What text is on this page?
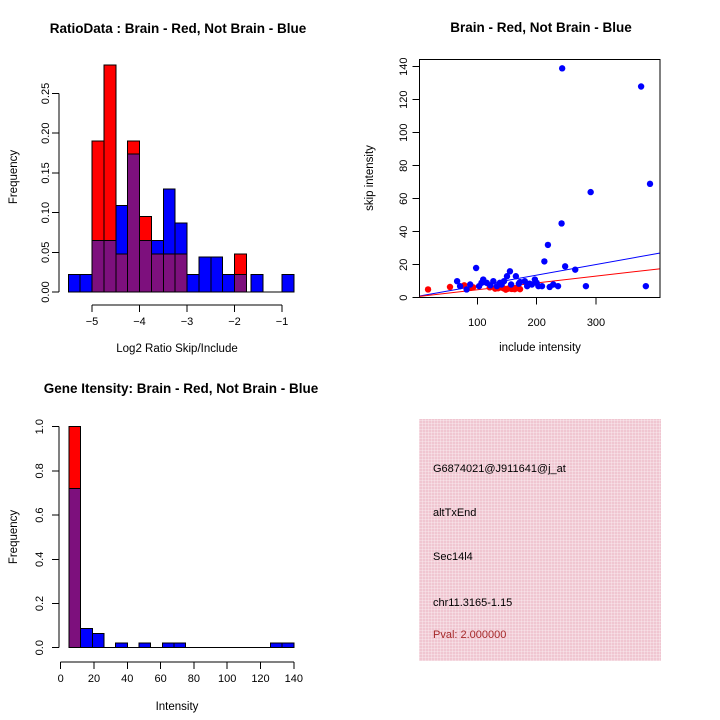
RatioData : Brain - Red, Not Brain - Blue
Log2 Ratio Skip/Include
Frequency
−5	−4	−3	−2	−1
0.00
0.05
0.10
0.15
0.20
0.25
Brain - Red, Not Brain - Blue
include intensity
skip intensity
100	200	300
0
20
40
60
80
100
120
140
Gene Itensity: Brain - Red, Not Brain - Blue
Intensity
Frequency
0 20 40 60 80 100 120 140
0.0
0.2
0.4
0.6
0.8
1.0
G6874021@J911641@j_at
altTxEnd
Sec14l4
chr11.3165-1.15
Pval: 2.000000
